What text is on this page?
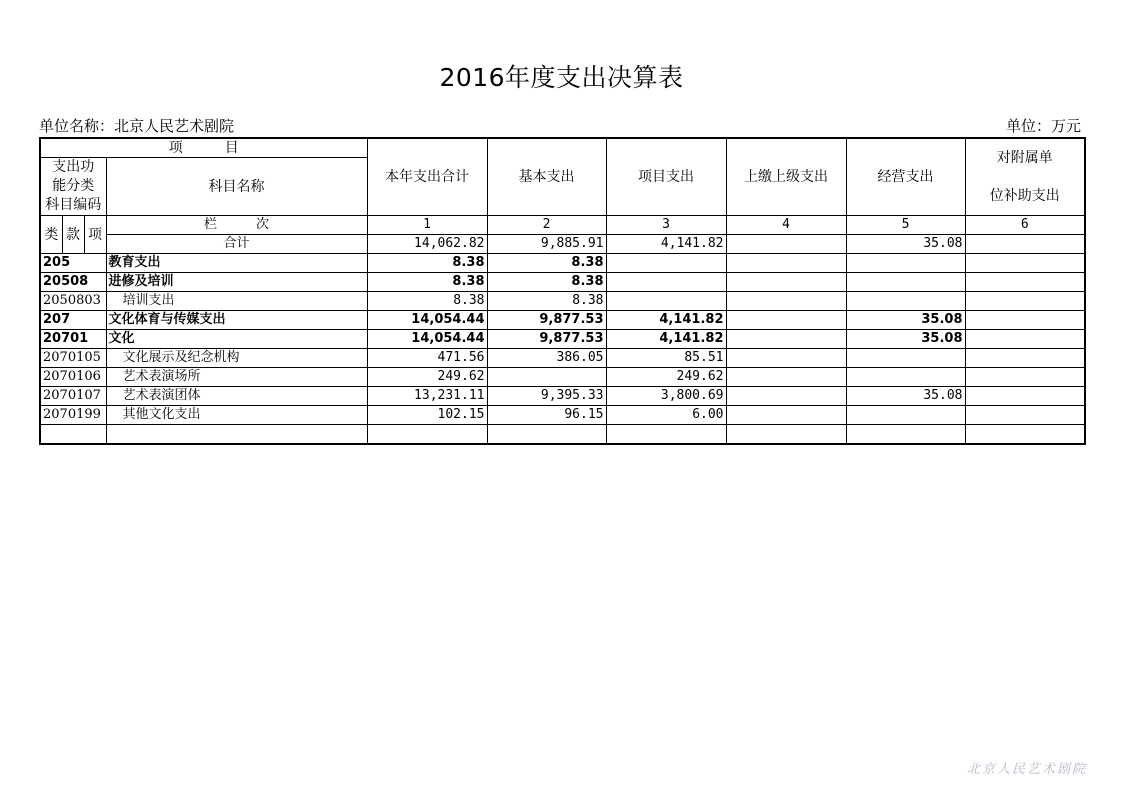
2016年度支出决算表
单位名称：北京人民艺术剧院	单位：万元
项　　　目				本年支出合计	基本支出	项目支出	上缴上级支出	经营支出	对附属单

位补助支出
支出功
能分类
科目编码			科目名称						

类	款	项	栏　　　次	1	2	3	4	5	6
			合计	14,062.82	9,885.91	4,141.82		35.08	
205			教育支出	8.38	8.38				
20508			进修及培训	8.38	8.38				
2050803			培训支出	8.38	8.38				
207			文化体育与传媒支出	14,054.44	9,877.53	4,141.82		35.08	
20701			文化	14,054.44	9,877.53	4,141.82		35.08	
2070105			文化展示及纪念机构	471.56	386.05	85.51			
2070106			艺术表演场所	249.62		249.62			
2070107			艺术表演团体	13,231.11	9,395.33	3,800.69		35.08	
2070199			其他文化支出	102.15	96.15	6.00			

北京人民艺术剧院
